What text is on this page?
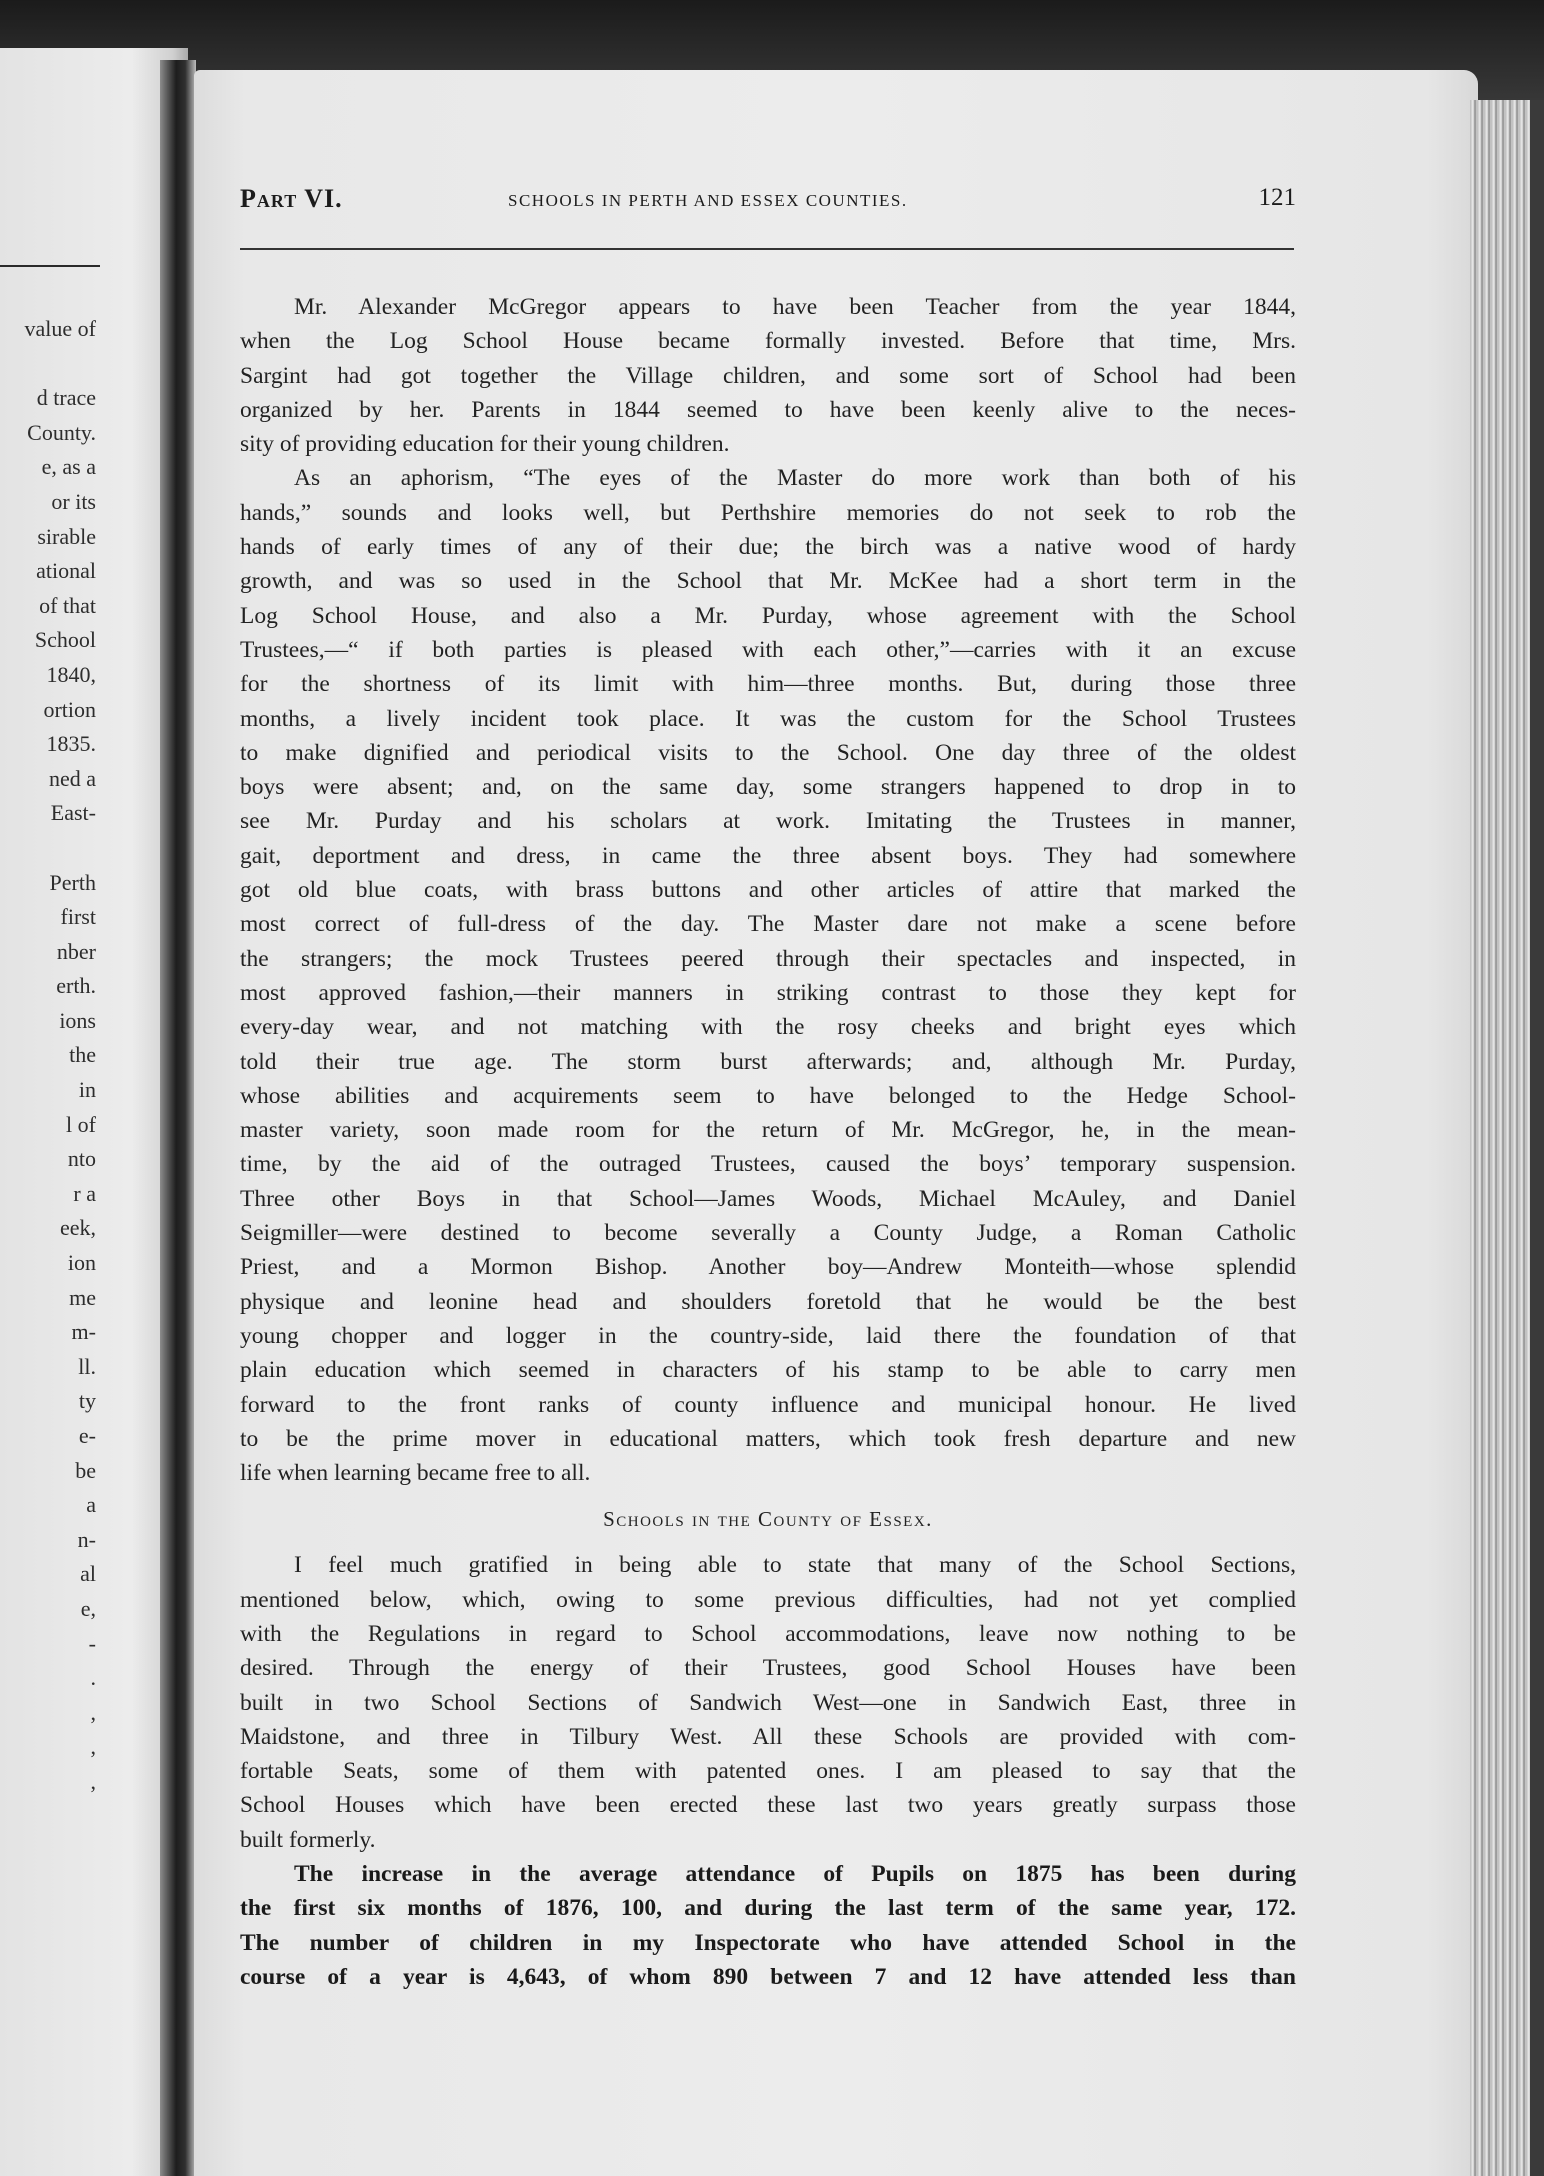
value of
d trace
County.
e, as a
or its
sirable
ational
of that
School
1840,
ortion
1835.
ned a
East-
Perth
first
nber
erth.
ions
the
in
l of
nto
r a
eek,
ion
me
m-
ll.
ty
e-
be
a
n-
al
e,
-
.
,
,
,
Part VI.	SCHOOLS IN PERTH AND ESSEX COUNTIES.	121
Mr. Alexander McGregor appears to have been Teacher from the year 1844,
when the Log School House became formally invested. Before that time, Mrs.
Sargint had got together the Village children, and some sort of School had been
organized by her. Parents in 1844 seemed to have been keenly alive to the neces-
sity of providing education for their young children.
As an aphorism, “The eyes of the Master do more work than both of his
hands,” sounds and looks well, but Perthshire memories do not seek to rob the
hands of early times of any of their due; the birch was a native wood of hardy
growth, and was so used in the School that Mr. McKee had a short term in the
Log School House, and also a Mr. Purday, whose agreement with the School
Trustees,—“ if both parties is pleased with each other,”—carries with it an excuse
for the shortness of its limit with him—three months. But, during those three
months, a lively incident took place. It was the custom for the School Trustees
to make dignified and periodical visits to the School. One day three of the oldest
boys were absent; and, on the same day, some strangers happened to drop in to
see Mr. Purday and his scholars at work. Imitating the Trustees in manner,
gait, deportment and dress, in came the three absent boys. They had somewhere
got old blue coats, with brass buttons and other articles of attire that marked the
most correct of full-dress of the day. The Master dare not make a scene before
the strangers; the mock Trustees peered through their spectacles and inspected, in
most approved fashion,—their manners in striking contrast to those they kept for
every-day wear, and not matching with the rosy cheeks and bright eyes which
told their true age. The storm burst afterwards; and, although Mr. Purday,
whose abilities and acquirements seem to have belonged to the Hedge School-
master variety, soon made room for the return of Mr. McGregor, he, in the mean-
time, by the aid of the outraged Trustees, caused the boys’ temporary suspension.
Three other Boys in that School—James Woods, Michael McAuley, and Daniel
Seigmiller—were destined to become severally a County Judge, a Roman Catholic
Priest, and a Mormon Bishop. Another boy—Andrew Monteith—whose splendid
physique and leonine head and shoulders foretold that he would be the best
young chopper and logger in the country-side, laid there the foundation of that
plain education which seemed in characters of his stamp to be able to carry men
forward to the front ranks of county influence and municipal honour. He lived
to be the prime mover in educational matters, which took fresh departure and new
life when learning became free to all.
Schools in the County of Essex.
I feel much gratified in being able to state that many of the School Sections,
mentioned below, which, owing to some previous difficulties, had not yet complied
with the Regulations in regard to School accommodations, leave now nothing to be
desired. Through the energy of their Trustees, good School Houses have been
built in two School Sections of Sandwich West—one in Sandwich East, three in
Maidstone, and three in Tilbury West. All these Schools are provided with com-
fortable Seats, some of them with patented ones. I am pleased to say that the
School Houses which have been erected these last two years greatly surpass those
built formerly.
The increase in the average attendance of Pupils on 1875 has been during
the first six months of 1876, 100, and during the last term of the same year, 172.
The number of children in my Inspectorate who have attended School in the
course of a year is 4,643, of whom 890 between 7 and 12 have attended less than
